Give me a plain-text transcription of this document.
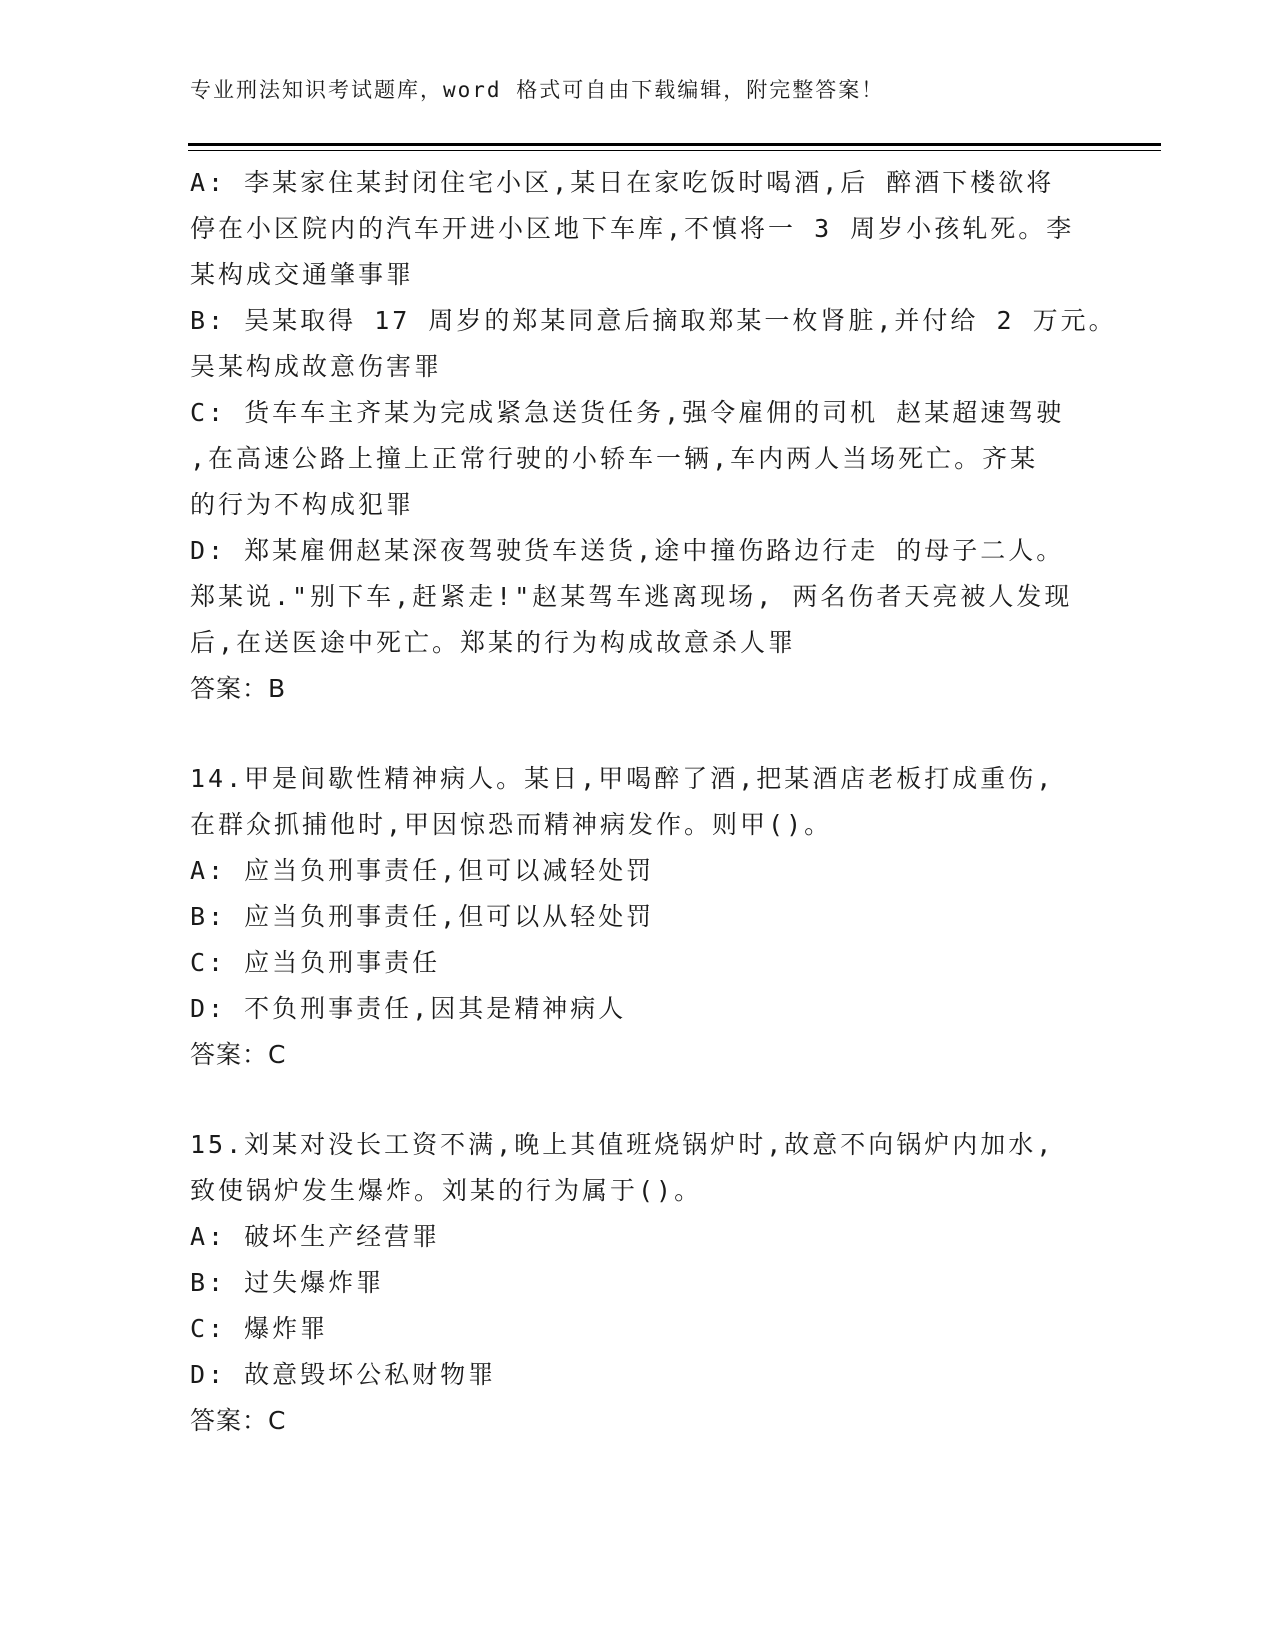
专业刑法知识考试题库，word 格式可自由下载编辑，附完整答案！
A: 李某家住某封闭住宅小区,某日在家吃饭时喝酒,后 醉酒下楼欲将
停在小区院内的汽车开进小区地下车库,不慎将一 3 周岁小孩轧死。李
某构成交通肇事罪
B: 吴某取得 17 周岁的郑某同意后摘取郑某一枚肾脏,并付给 2 万元。
吴某构成故意伤害罪
C: 货车车主齐某为完成紧急送货任务,强令雇佣的司机 赵某超速驾驶
,在高速公路上撞上正常行驶的小轿车一辆,车内两人当场死亡。齐某
的行为不构成犯罪
D: 郑某雇佣赵某深夜驾驶货车送货,途中撞伤路边行走 的母子二人。
郑某说."别下车,赶紧走!"赵某驾车逃离现场, 两名伤者天亮被人发现
后,在送医途中死亡。郑某的行为构成故意杀人罪
答案：B
14.甲是间歇性精神病人。某日,甲喝醉了酒,把某酒店老板打成重伤,
在群众抓捕他时,甲因惊恐而精神病发作。则甲()。
A: 应当负刑事责任,但可以减轻处罚
B: 应当负刑事责任,但可以从轻处罚
C: 应当负刑事责任
D: 不负刑事责任,因其是精神病人
答案：C
15.刘某对没长工资不满,晚上其值班烧锅炉时,故意不向锅炉内加水,
致使锅炉发生爆炸。刘某的行为属于()。
A: 破坏生产经营罪
B: 过失爆炸罪
C: 爆炸罪
D: 故意毁坏公私财物罪
答案：C
